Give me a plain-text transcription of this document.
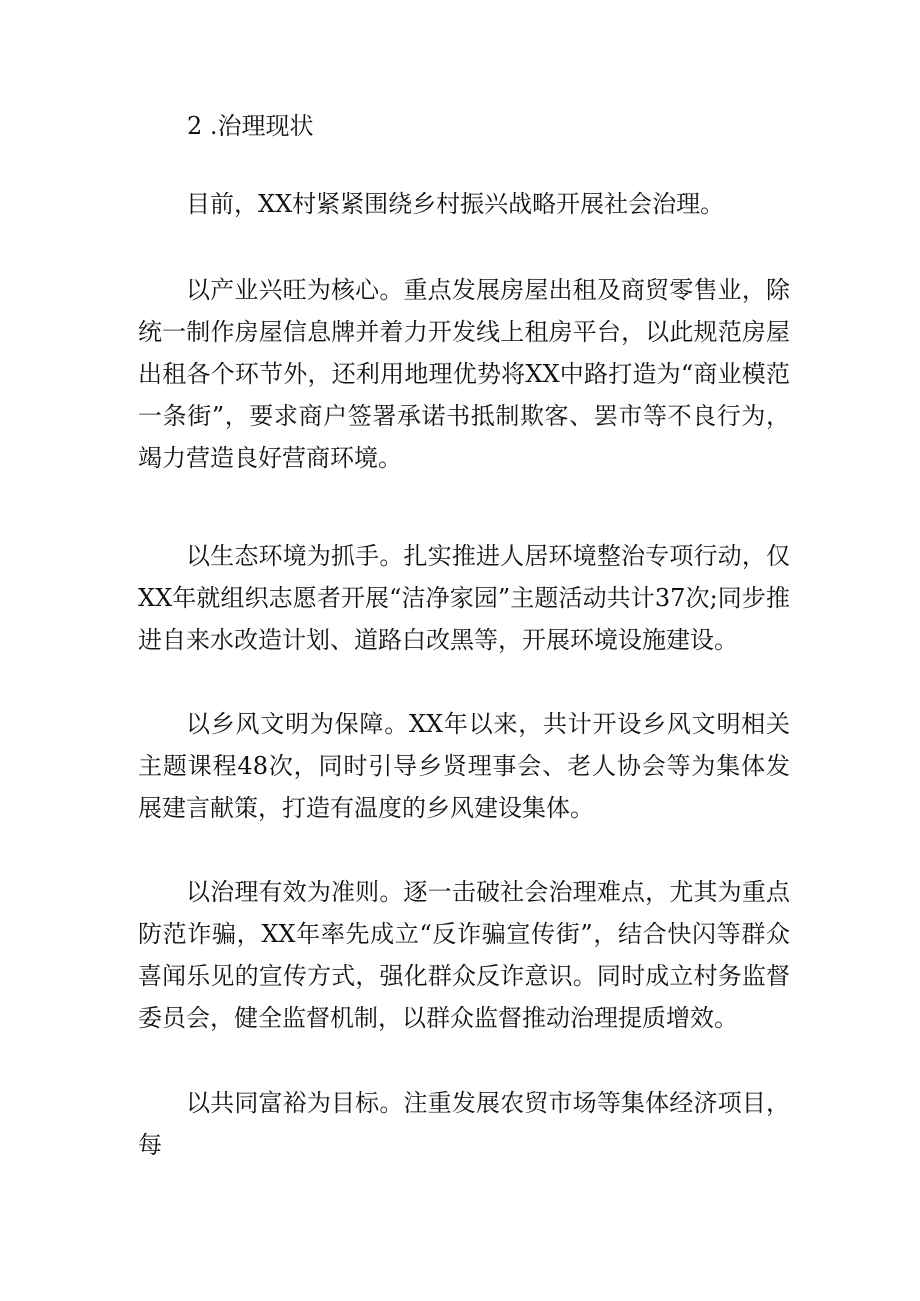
2 .治理现状

目前，XX村紧紧围绕乡村振兴战略开展社会治理。

以产业兴旺为核心。重点发展房屋出租及商贸零售业，除统一制作房屋信息牌并着力开发线上租房平台，以此规范房屋出租各个环节外，还利用地理优势将XX中路打造为“商业模范一条街”，要求商户签署承诺书抵制欺客、罢市等不良行为，竭力营造良好营商环境。

以生态环境为抓手。扎实推进人居环境整治专项行动，仅XX年就组织志愿者开展“洁净家园”主题活动共计37次;同步推进自来水改造计划、道路白改黑等，开展环境设施建设。

以乡风文明为保障。XX年以来，共计开设乡风文明相关主题课程48次，同时引导乡贤理事会、老人协会等为集体发展建言献策，打造有温度的乡风建设集体。

以治理有效为准则。逐一击破社会治理难点，尤其为重点防范诈骗，XX年率先成立“反诈骗宣传街”，结合快闪等群众喜闻乐见的宣传方式，强化群众反诈意识。同时成立村务监督委员会，健全监督机制，以群众监督推动治理提质增效。

以共同富裕为目标。注重发展农贸市场等集体经济项目，每
